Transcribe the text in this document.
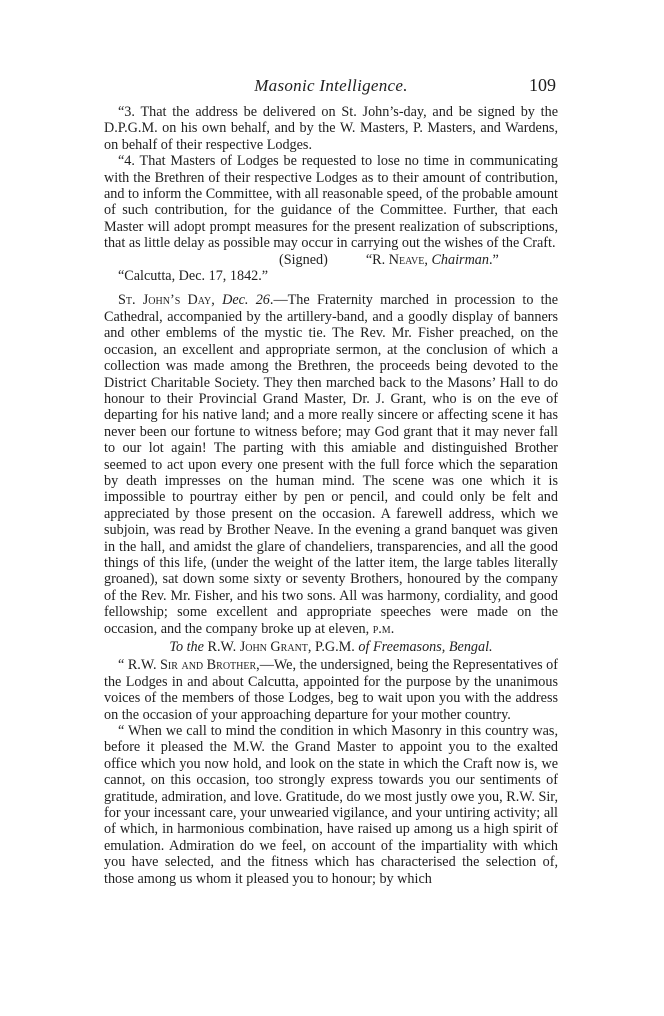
Masonic Intelligence.	109

“3. That the address be delivered on St. John’s-day, and be signed by the D.P.G.M. on his own behalf, and by the W. Masters, P. Masters, and Wardens, on behalf of their respective Lodges.

“4. That Masters of Lodges be requested to lose no time in communicating with the Brethren of their respective Lodges as to their amount of contribution, and to inform the Committee, with all reasonable speed, of the probable amount of such contribution, for the guidance of the Committee. Further, that each Master will adopt prompt measures for the present realization of subscriptions, that as little delay as possible may occur in carrying out the wishes of the Craft.

(Signed)	“R. Neave, Chairman.”

“Calcutta, Dec. 17, 1842.”

St. John’s Day, Dec. 26.—The Fraternity marched in procession to the Cathedral, accompanied by the artillery-band, and a goodly display of banners and other emblems of the mystic tie. The Rev. Mr. Fisher preached, on the occasion, an excellent and appropriate sermon, at the conclusion of which a collection was made among the Brethren, the proceeds being devoted to the District Charitable Society. They then marched back to the Masons’ Hall to do honour to their Provincial Grand Master, Dr. J. Grant, who is on the eve of departing for his native land; and a more really sincere or affecting scene it has never been our fortune to witness before; may God grant that it may never fall to our lot again! The parting with this amiable and distinguished Brother seemed to act upon every one present with the full force which the separation by death impresses on the human mind. The scene was one which it is impossible to pourtray either by pen or pencil, and could only be felt and appreciated by those present on the occasion. A farewell address, which we subjoin, was read by Brother Neave. In the evening a grand banquet was given in the hall, and amidst the glare of chandeliers, transparencies, and all the good things of this life, (under the weight of the latter item, the large tables literally groaned), sat down some sixty or seventy Brothers, honoured by the company of the Rev. Mr. Fisher, and his two sons. All was harmony, cordiality, and good fellowship; some excellent and appropriate speeches were made on the occasion, and the company broke up at eleven, p.m.

To the R.W. John Grant, P.G.M. of Freemasons, Bengal.

“ R.W. Sir and Brother,—We, the undersigned, being the Representatives of the Lodges in and about Calcutta, appointed for the purpose by the unanimous voices of the members of those Lodges, beg to wait upon you with the address on the occasion of your approaching departure for your mother country.

“ When we call to mind the condition in which Masonry in this country was, before it pleased the M.W. the Grand Master to appoint you to the exalted office which you now hold, and look on the state in which the Craft now is, we cannot, on this occasion, too strongly express towards you our sentiments of gratitude, admiration, and love. Gratitude, do we most justly owe you, R.W. Sir, for your incessant care, your unwearied vigilance, and your untiring activity; all of which, in harmonious combination, have raised up among us a high spirit of emulation. Admiration do we feel, on account of the impartiality with which you have selected, and the fitness which has characterised the selection of, those among us whom it pleased you to honour; by which
